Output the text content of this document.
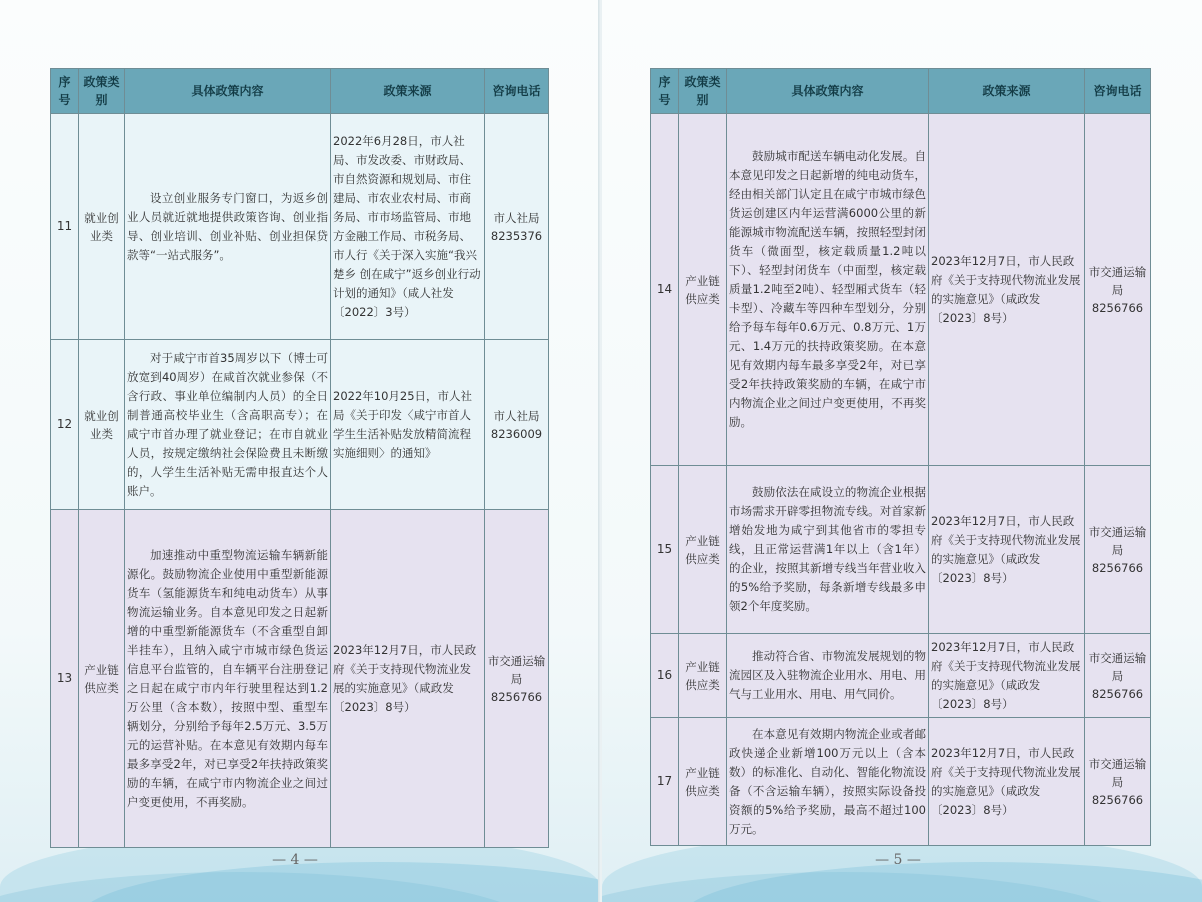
序号	政策类别	具体政策内容	政策来源	咨询电话
11	就业创业类	设立创业服务专门窗口，为返乡创业人员就近就地提供政策咨询、创业指导、创业培训、创业补贴、创业担保贷款等“一站式服务”。	2022年6月28日，市人社局、市发改委、市财政局、市自然资源和规划局、市住建局、市农业农村局、市商务局、市市场监管局、市地方金融工作局、市税务局、市人行《关于深入实施“我兴楚乡 创在咸宁”返乡创业行动计划的通知》（咸人社发〔2022〕3号）	市人社局8235376
12	就业创业类	对于咸宁市首35周岁以下（博士可放宽到40周岁）在咸首次就业参保（不含行政、事业单位编制内人员）的全日制普通高校毕业生（含高职高专）；在咸宁市首办理了就业登记；在市自就业人员，按规定缴纳社会保险费且未断缴的，人学生生活补贴无需申报直达个人账户。	2022年10月25日，市人社局《关于印发〈咸宁市首人学生生活补贴发放精简流程实施细则〉的通知》	市人社局8236009
13	产业链供应类	加速推动中重型物流运输车辆新能源化。鼓励物流企业使用中重型新能源货车（氢能源货车和纯电动货车）从事物流运输业务。自本意见印发之日起新增的中重型新能源货车（不含重型自卸半挂车），且纳入咸宁市城市绿色货运信息平台监管的，自车辆平台注册登记之日起在咸宁市内年行驶里程达到1.2万公里（含本数），按照中型、重型车辆划分，分别给予每年2.5万元、3.5万元的运营补贴。在本意见有效期内每车最多享受2年，对已享受2年扶持政策奖励的车辆，在咸宁市内物流企业之间过户变更使用，不再奖励。	2023年12月7日，市人民政府《关于支持现代物流业发展的实施意见》（咸政发〔2023〕8号）	市交通运输局8256766
— 4 —
序号	政策类别	具体政策内容	政策来源	咨询电话
14	产业链供应类	鼓励城市配送车辆电动化发展。自本意见印发之日起新增的纯电动货车，经由相关部门认定且在咸宁市城市绿色货运创建区内年运营满6000公里的新能源城市物流配送车辆，按照轻型封闭货车（微面型，核定载质量1.2吨以下）、轻型封闭货车（中面型，核定载质量1.2吨至2吨）、轻型厢式货车（轻卡型）、冷藏车等四种车型划分，分别给予每车每年0.6万元、0.8万元、1万元、1.4万元的扶持政策奖励。在本意见有效期内每车最多享受2年，对已享受2年扶持政策奖励的车辆，在咸宁市内物流企业之间过户变更使用，不再奖励。	2023年12月7日，市人民政府《关于支持现代物流业发展的实施意见》（咸政发〔2023〕8号）	市交通运输局8256766
15	产业链供应类	鼓励依法在咸设立的物流企业根据市场需求开辟零担物流专线。对首家新增始发地为咸宁到其他省市的零担专线，且正常运营满1年以上（含1年）的企业，按照其新增专线当年营业收入的5%给予奖励，每条新增专线最多申领2个年度奖励。	2023年12月7日，市人民政府《关于支持现代物流业发展的实施意见》（咸政发〔2023〕8号）	市交通运输局8256766
16	产业链供应类	推动符合省、市物流发展规划的物流园区及入驻物流企业用水、用电、用气与工业用水、用电、用气同价。	2023年12月7日，市人民政府《关于支持现代物流业发展的实施意见》（咸政发〔2023〕8号）	市交通运输局8256766
17	产业链供应类	在本意见有效期内物流企业或者邮政快递企业新增100万元以上（含本数）的标准化、自动化、智能化物流设备（不含运输车辆），按照实际设备投资额的5%给予奖励，最高不超过100万元。	2023年12月7日，市人民政府《关于支持现代物流业发展的实施意见》（咸政发〔2023〕8号）	市交通运输局8256766
— 5 —
